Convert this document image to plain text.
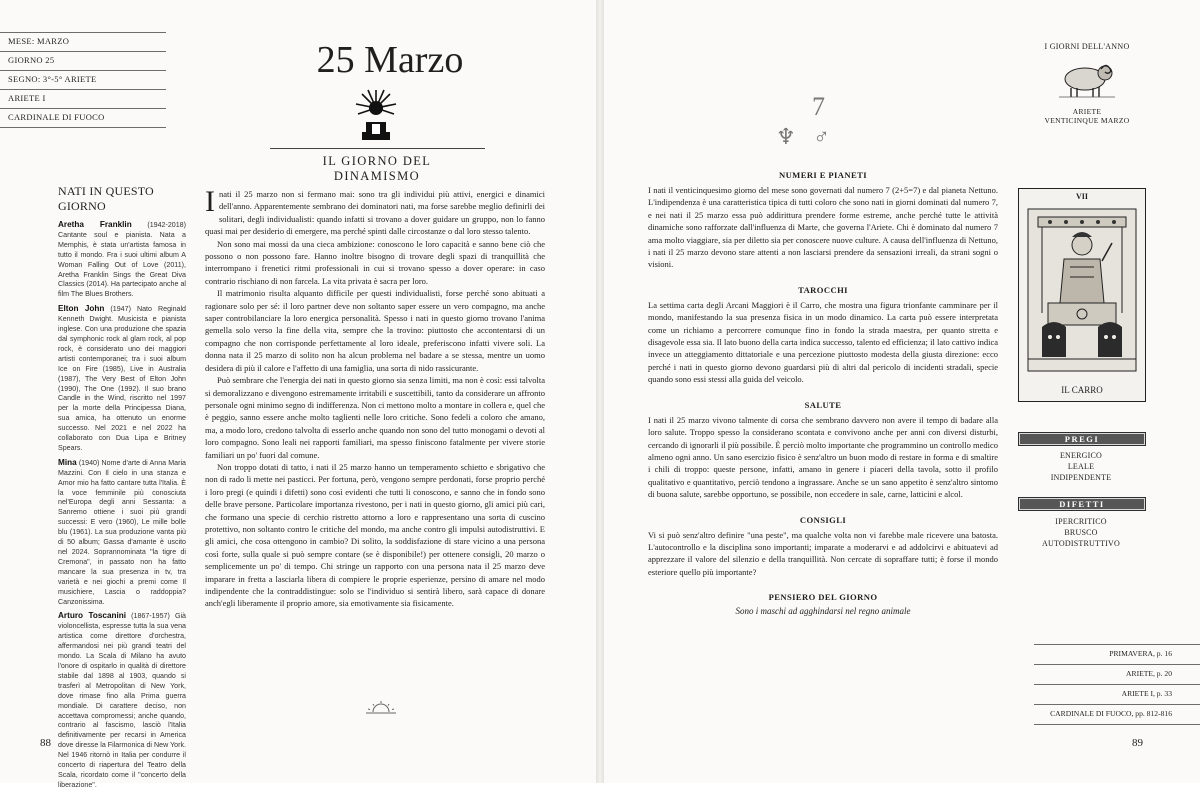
MESE: MARZO
GIORNO 25
SEGNO: 3°-5° ARIETE
ARIETE I
CARDINALE DI FUOCO
25 Marzo
IL GIORNO DEL DINAMISMO
NATI IN QUESTO GIORNO

Aretha Franklin (1942-2018) Cantante soul e pianista. Nata a Memphis, è stata un'artista famosa in tutto il mondo. Fra i suoi ultimi album A Woman Falling Out of Love (2011), Aretha Franklin Sings the Great Diva Classics (2014). Ha partecipato anche al film The Blues Brothers.

Elton John (1947) Nato Reginald Kenneth Dwight. Musicista e pianista inglese. Con una produzione che spazia dal symphonic rock al glam rock, al pop rock, è considerato uno dei maggiori artisti contemporanei; tra i suoi album Ice on Fire (1985), Live in Australia (1987), The Very Best of Elton John (1990), The One (1992). Il suo brano Candle in the Wind, riscritto nel 1997 per la morte della Principessa Diana, sua amica, ha ottenuto un enorme successo. Nel 2021 e nel 2022 ha collaborato con Dua Lipa e Britney Spears.

Mina (1940) Nome d'arte di Anna Maria Mazzini. Con Il cielo in una stanza e Amor mio ha fatto cantare tutta l'Italia. È la voce femminile più conosciuta nel'Europa degli anni Sessanta: a Sanremo ottiene i suoi più grandi successi: E vero (1960), Le mille bolle blu (1961). La sua produzione vanta più di 50 album; Gassa d'amante è uscito nel 2024. Soprannominata "la tigre di Cremona", in passato non ha fatto mancare la sua presenza in tv, tra varietà e nei giochi a premi come Il musichiere, Lascia o raddoppia? Canzonissima.

Arturo Toscanini (1867-1957) Già violoncellista, espresse tutta la sua vena artistica come direttore d'orchestra, affermandosi nei più grandi teatri del mondo. La Scala di Milano ha avuto l'onore di ospitarlo in qualità di direttore stabile dal 1898 al 1903, quando si trasferì al Metropolitan di New York, dove rimase fino alla Prima guerra mondiale. Di carattere deciso, non accettava compromessi; anche quando, contrario al fascismo, lasciò l'Italia definitivamente per recarsi in America dove diresse la Filarmonica di New York. Nel 1946 ritornò in Italia per condurre il concerto di riapertura del Teatro della Scala, ricordato come il "concerto della liberazione".

Inati il 25 marzo non si fermano mai: sono tra gli individui più attivi, energici e dinamici dell'anno. Apparentemente sembrano dei dominatori nati, ma forse sarebbe meglio definirli dei solitari, degli individualisti: quando infatti si trovano a dover guidare un gruppo, non lo fanno quasi mai per desiderio di emergere, ma perché spinti dalle circostanze o dal loro stesso talento.

Non sono mai mossi da una cieca ambizione: conoscono le loro capacità e sanno bene ciò che possono o non possono fare. Hanno inoltre bisogno di trovare degli spazi di tranquillità che interrompano i frenetici ritmi professionali in cui si trovano spesso a dover operare: in caso contrario rischiano di non farcela. La vita privata è sacra per loro.

Il matrimonio risulta alquanto difficile per questi individualisti, forse perché sono abituati a ragionare solo per sé: il loro partner deve non soltanto saper essere un vero compagno, ma anche saper controbilanciare la loro energica personalità. Spesso i nati in questo giorno trovano l'anima gemella solo verso la fine della vita, sempre che la trovino: piuttosto che accontentarsi di un compagno che non corrisponde perfettamente al loro ideale, preferiscono infatti vivere soli. La donna nata il 25 marzo di solito non ha alcun problema nel badare a se stessa, mentre un uomo desidera di più il calore e l'affetto di una famiglia, una sorta di nido rassicurante.

Può sembrare che l'energia dei nati in questo giorno sia senza limiti, ma non è così: essi talvolta si demoralizzano e divengono estremamente irritabili e suscettibili, tanto da considerare un affronto personale ogni minimo segno di indifferenza. Non ci mettono molto a montare in collera e, quel che è peggio, sanno essere anche molto taglienti nelle loro critiche. Sono fedeli a coloro che amano, ma, a modo loro, credono talvolta di esserlo anche quando non sono del tutto monogami o devoti al loro compagno. Sono leali nei rapporti familiari, ma spesso finiscono fatalmente per vivere storie familiari un po' fuori dal comune.

Non troppo dotati di tatto, i nati il 25 marzo hanno un temperamento schietto e sbrigativo che non di rado li mette nei pasticci. Per fortuna, però, vengono sempre perdonati, forse proprio perché i loro pregi (e quindi i difetti) sono così evidenti che tutti li conoscono, e sanno che in fondo sono delle brave persone. Particolare importanza rivestono, per i nati in questo giorno, gli amici più cari, che formano una specie di cerchio ristretto attorno a loro e rappresentano una sorta di cuscino protettivo, non soltanto contro le critiche del mondo, ma anche contro gli impulsi autodistruttivi. E gli amici, che cosa ottengono in cambio? Di solito, la soddisfazione di stare vicino a una persona così forte, sulla quale si può sempre contare (se è disponibile!) per ottenere consigli, 20 marzo o semplicemente un po' di tempo. Chi stringe un rapporto con una persona nata il 25 marzo deve imparare in fretta a lasciarla libera di compiere le proprie esperienze, persino di amare nel modo indipendente che la contraddistingue: solo se l'individuo si sentirà libero, sarà capace di donare anch'egli liberamente il proprio amore, sia emotivamente sia fisicamente.

88
7
♆ ♂
I GIORNI DELL'ANNO
ARIETE
VENTICINQUE MARZO
NUMERI E PIANETI

I nati il venticinquesimo giorno del mese sono governati dal numero 7 (2+5=7) e dal pianeta Nettuno. L'indipendenza è una caratteristica tipica di tutti coloro che sono nati in giorni dominati dal numero 7, e nei nati il 25 marzo essa può addirittura prendere forme estreme, anche perché tutte le attività dinamiche sono rafforzate dall'influenza di Marte, che governa l'Ariete. Chi è dominato dal numero 7 ama molto viaggiare, sia per diletto sia per conoscere nuove culture. A causa dell'influenza di Nettuno, i nati il 25 marzo devono stare attenti a non lasciarsi prendere da sensazioni irreali, da strani sogni o visioni.

TAROCCHI

La settima carta degli Arcani Maggiori è il Carro, che mostra una figura trionfante camminare per il mondo, manifestando la sua presenza fisica in un modo dinamico. La carta può essere interpretata come un richiamo a percorrere comunque fino in fondo la strada maestra, per quanto stretta e disagevole essa sia. Il lato buono della carta indica successo, talento ed efficienza; il lato cattivo indica invece un atteggiamento dittatoriale e una percezione piuttosto modesta della giusta direzione: ecco perché i nati in questo giorno devono guardarsi più di altri dal pericolo di incidenti stradali, specie quando sono essi stessi alla guida del veicolo.

SALUTE

I nati il 25 marzo vivono talmente di corsa che sembrano davvero non avere il tempo di badare alla loro salute. Troppo spesso la considerano scontata e convivono anche per anni con diversi disturbi, cercando di ignorarli il più possibile. È perciò molto importante che programmino un controllo medico almeno ogni anno. Un sano esercizio fisico è senz'altro un buon modo di restare in forma e di smaltire i chili di troppo: queste persone, infatti, amano in genere i piaceri della tavola, sotto il profilo qualitativo e quantitativo, perciò tendono a ingrassare. Anche se un sano appetito è senz'altro sintomo di buona salute, sarebbe opportuno, se possibile, non eccedere in sale, carne, latticini e alcol.

CONSIGLI

Vi si può senz'altro definire "una peste", ma qualche volta non vi farebbe male ricevere una batosta. L'autocontrollo e la disciplina sono importanti; imparate a moderarvi e ad addolcirvi e abituatevi ad apprezzare il valore del silenzio e della tranquillità. Non cercate di sopraffare tutti; è forse il mondo esteriore quello più importante?

PENSIERO DEL GIORNO
Sono i maschi ad agghindarsi nel regno animale
VII
IL CARRO
PREGI
ENERGICO
LEALE
INDIPENDENTE
DIFETTI
IPERCRITICO
BRUSCO
AUTODISTRUTTIVO
PRIMAVERA, p. 16
ARIETE, p. 20
ARIETE I, p. 33
CARDINALE DI FUOCO, pp. 812-816
89
